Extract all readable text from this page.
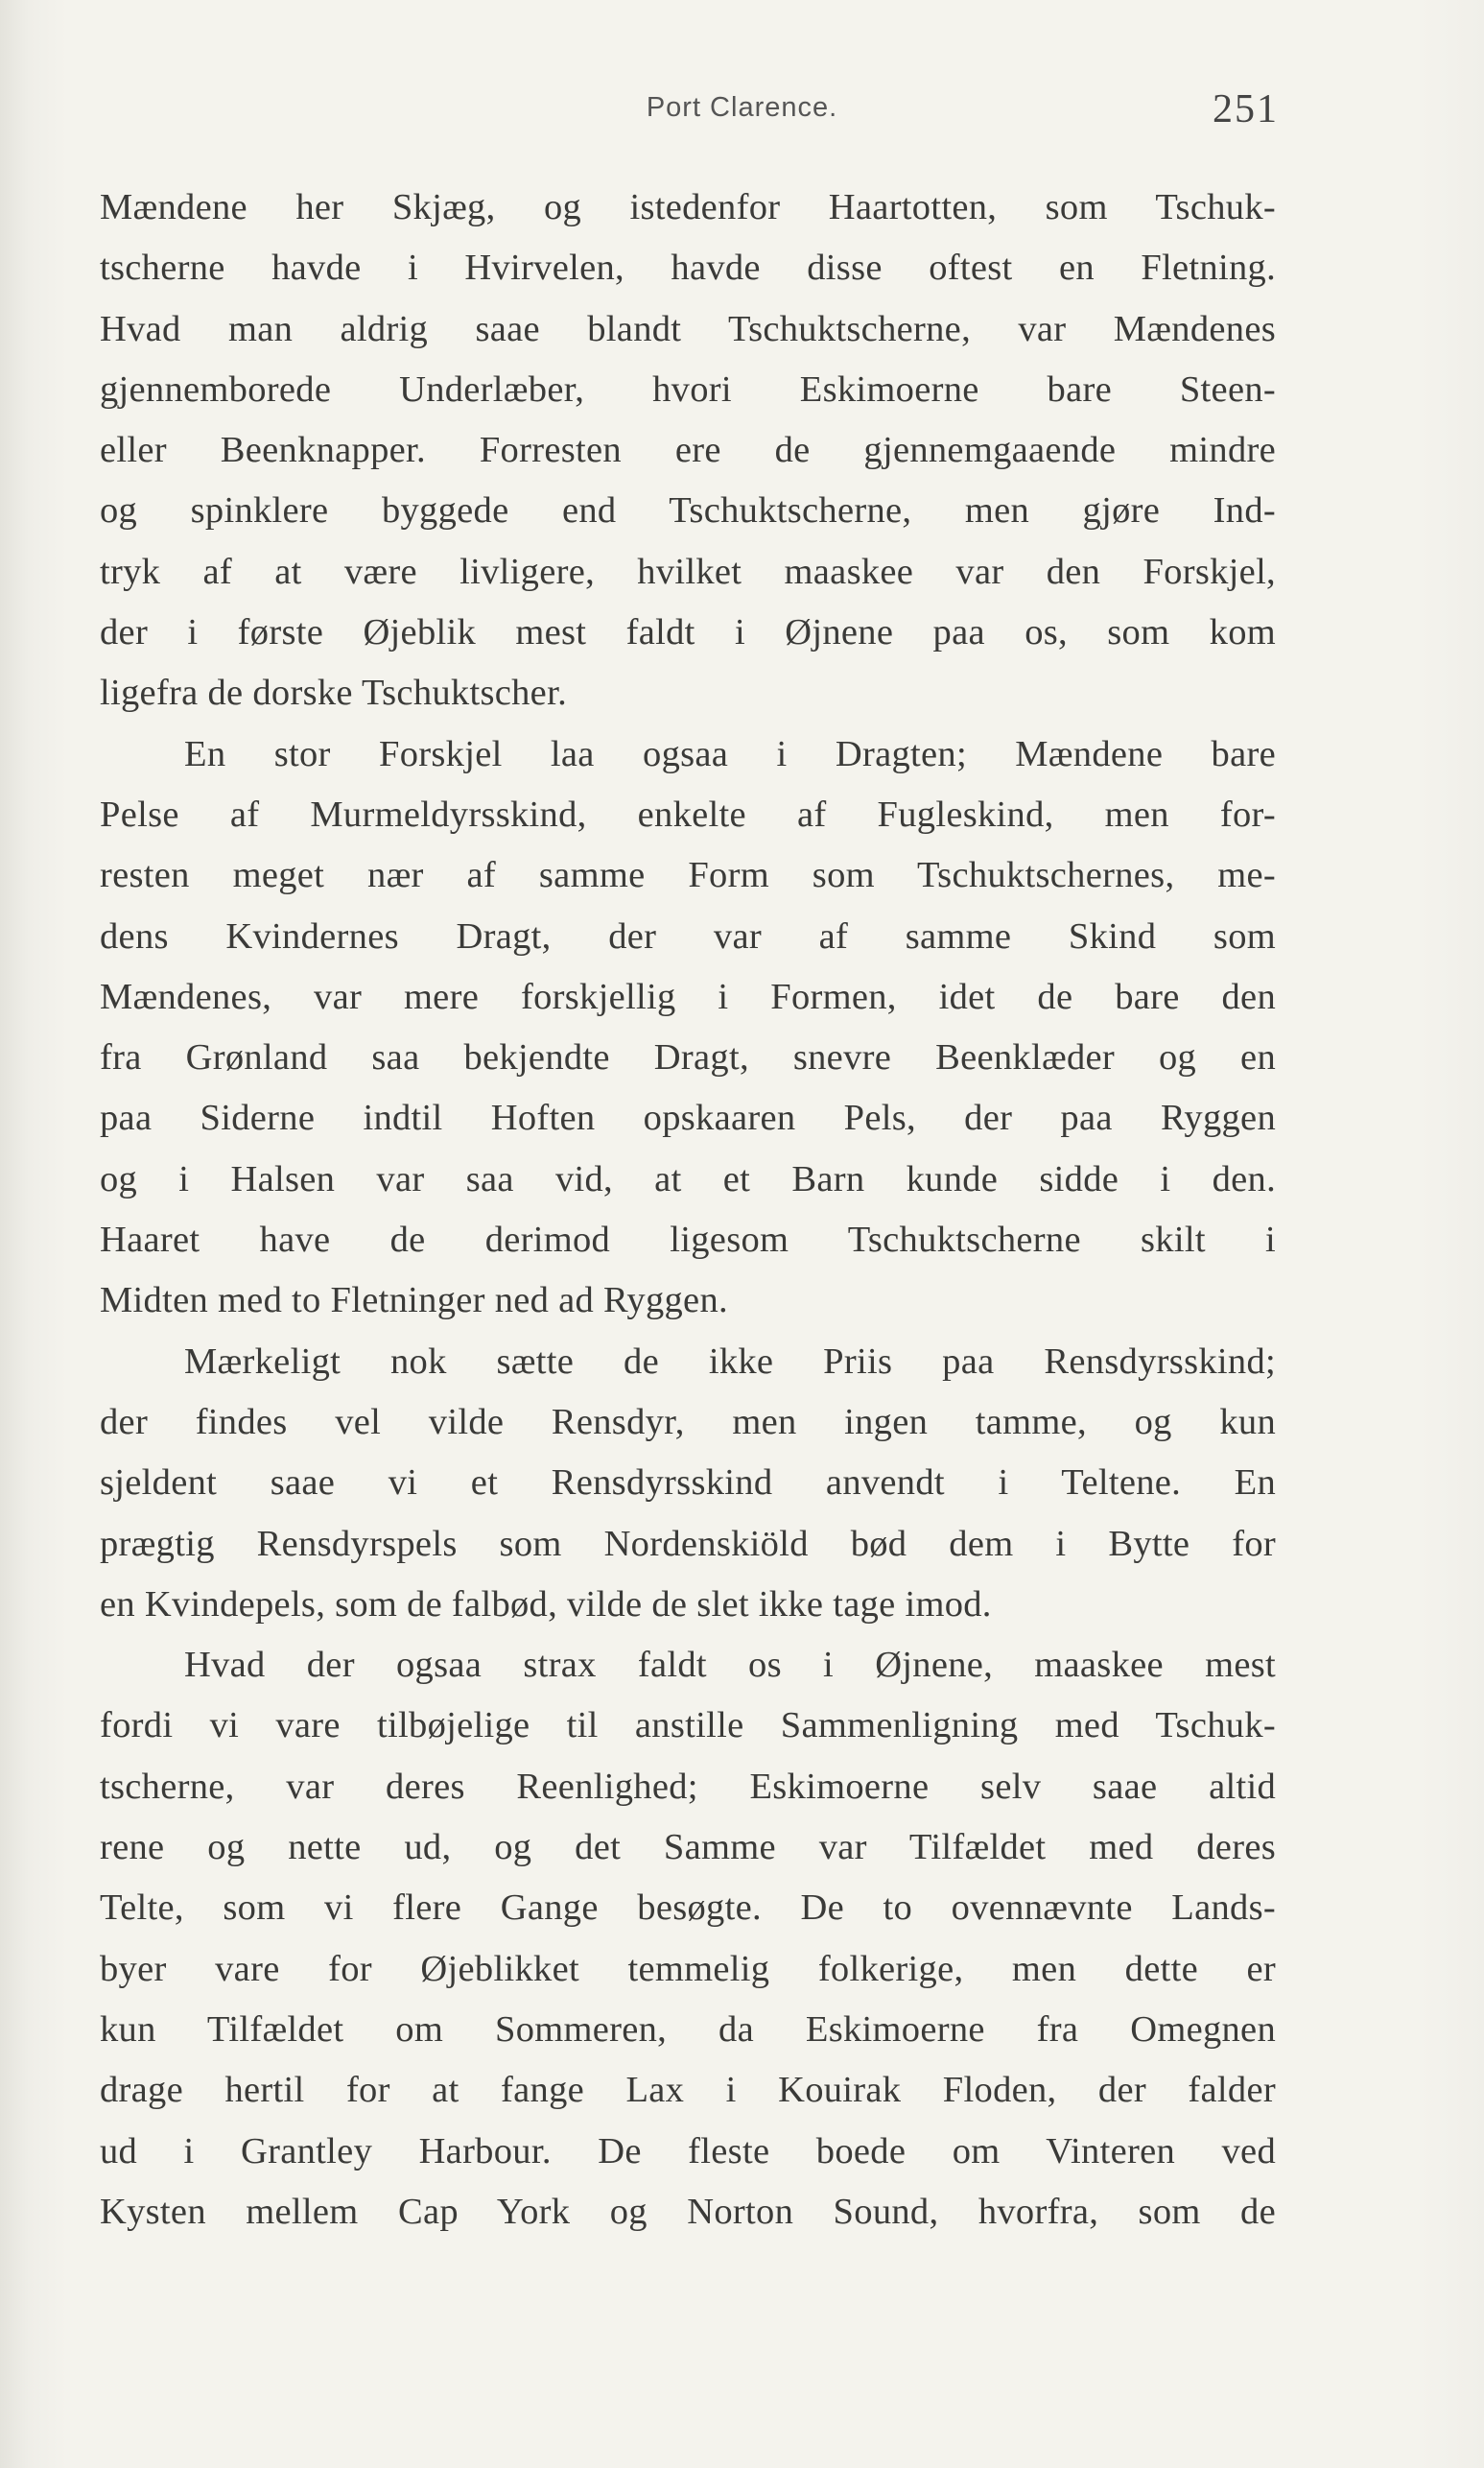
Port Clarence.	251
Mændene her Skjæg, og istedenfor Haartotten, som Tschuk-
tscherne havde i Hvirvelen, havde disse oftest en Fletning.
Hvad man aldrig saae blandt Tschuktscherne, var Mændenes
gjennemborede Underlæber, hvori Eskimoerne bare Steen-
eller Beenknapper. Forresten ere de gjennemgaaende mindre
og spinklere byggede end Tschuktscherne, men gjøre Ind-
tryk af at være livligere, hvilket maaskee var den Forskjel,
der i første Øjeblik mest faldt i Øjnene paa os, som kom
ligefra de dorske Tschuktscher.
En stor Forskjel laa ogsaa i Dragten; Mændene bare
Pelse af Murmeldyrsskind, enkelte af Fugleskind, men for-
resten meget nær af samme Form som Tschuktschernes, me-
dens Kvindernes Dragt, der var af samme Skind som
Mændenes, var mere forskjellig i Formen, idet de bare den
fra Grønland saa bekjendte Dragt, snevre Beenklæder og en
paa Siderne indtil Hoften opskaaren Pels, der paa Ryggen
og i Halsen var saa vid, at et Barn kunde sidde i den.
Haaret have de derimod ligesom Tschuktscherne skilt i
Midten med to Fletninger ned ad Ryggen.
Mærkeligt nok sætte de ikke Priis paa Rensdyrsskind;
der findes vel vilde Rensdyr, men ingen tamme, og kun
sjeldent saae vi et Rensdyrsskind anvendt i Teltene. En
prægtig Rensdyrspels som Nordenskiöld bød dem i Bytte for
en Kvindepels, som de falbød, vilde de slet ikke tage imod.
Hvad der ogsaa strax faldt os i Øjnene, maaskee mest
fordi vi vare tilbøjelige til anstille Sammenligning med Tschuk-
tscherne, var deres Reenlighed; Eskimoerne selv saae altid
rene og nette ud, og det Samme var Tilfældet med deres
Telte, som vi flere Gange besøgte. De to ovennævnte Lands-
byer vare for Øjeblikket temmelig folkerige, men dette er
kun Tilfældet om Sommeren, da Eskimoerne fra Omegnen
drage hertil for at fange Lax i Kouirak Floden, der falder
ud i Grantley Harbour. De fleste boede om Vinteren ved
Kysten mellem Cap York og Norton Sound, hvorfra, som de
